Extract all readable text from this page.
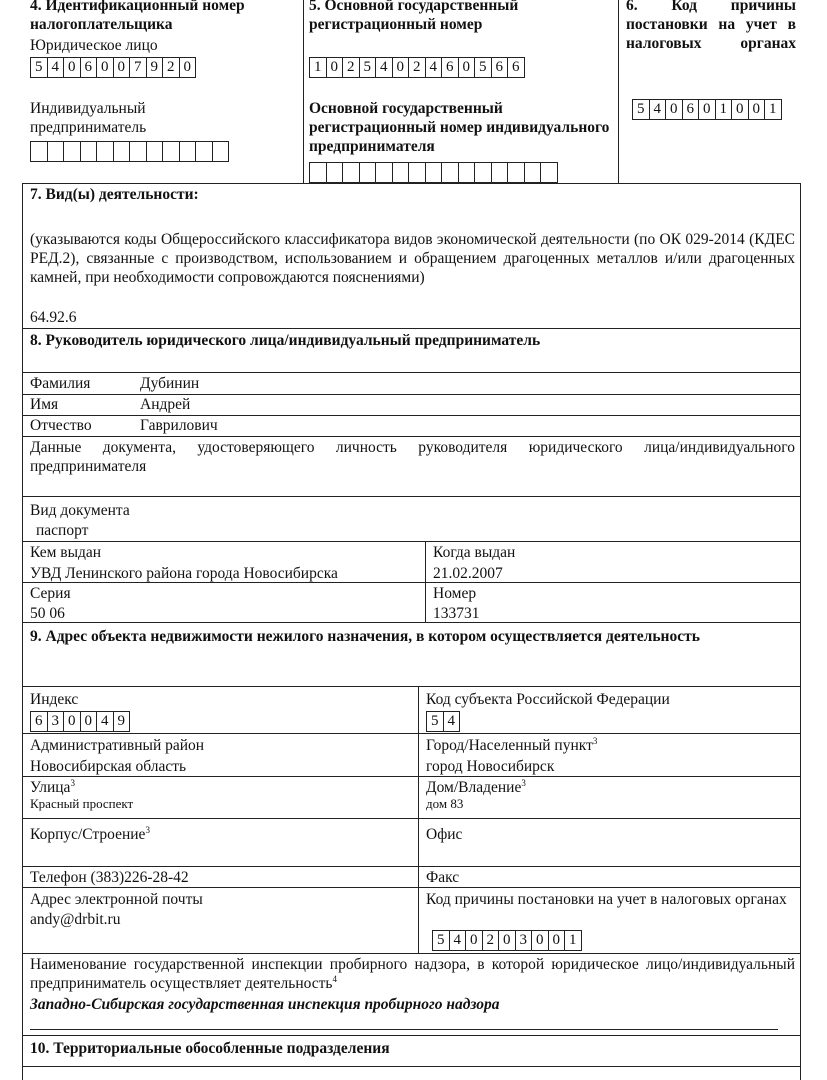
4. Идентификационный номер налогоплательщика
Юридическое лицо
5 4 0 6 0 0 7 9 2 0
Индивидуальный предприниматель
5. Основной государственный регистрационный номер
1 0 2 5 4 0 2 4 6 0 5 6 6
Основной государственный регистрационный номер индивидуального предпринимателя
6. Код причины постановки на учет в налоговых органах
5 4 0 6 0 1 0 0 1
7. Вид(ы) деятельности:
(указываются коды Общероссийского классификатора видов экономической деятельности (по ОК 029-2014 (КДЕС РЕД.2), связанные с производством, использованием и обращением драгоценных металлов и/или драгоценных камней, при необходимости сопровождаются пояснениями)
64.92.6
8. Руководитель юридического лица/индивидуальный предприниматель
Фамилия	Дубинин
Имя	Андрей
Отчество	Гаврилович
Данные документа, удостоверяющего личность руководителя юридического лица/индивидуального предпринимателя
Вид документа
паспорт
Кем выдан
УВД Ленинского района города Новосибирска
Когда выдан
21.02.2007
Серия
50 06
Номер
133731
9. Адрес объекта недвижимости нежилого назначения, в котором осуществляется деятельность
Индекс
6 3 0 0 4 9
Код субъекта Российской Федерации
5 4
Административный район
Новосибирская область
Город/Населенный пункт$^3$
город Новосибирск
Улица$^3$
Красный проспект
Дом/Владение$^3$
дом 83
Корпус/Строение$^3$	Офис
Телефон (383)226-28-42	Факс
Адрес электронной почты
andy@drbit.ru
Код причины постановки на учет в налоговых органах
5 4 0 2 0 3 0 0 1
Наименование государственной инспекции пробирного надзора, в которой юридическое лицо/индивидуальный предприниматель осуществляет деятельность$^4$
Западно-Сибирская государственная инспекция пробирного надзора
10. Территориальные обособленные подразделения
